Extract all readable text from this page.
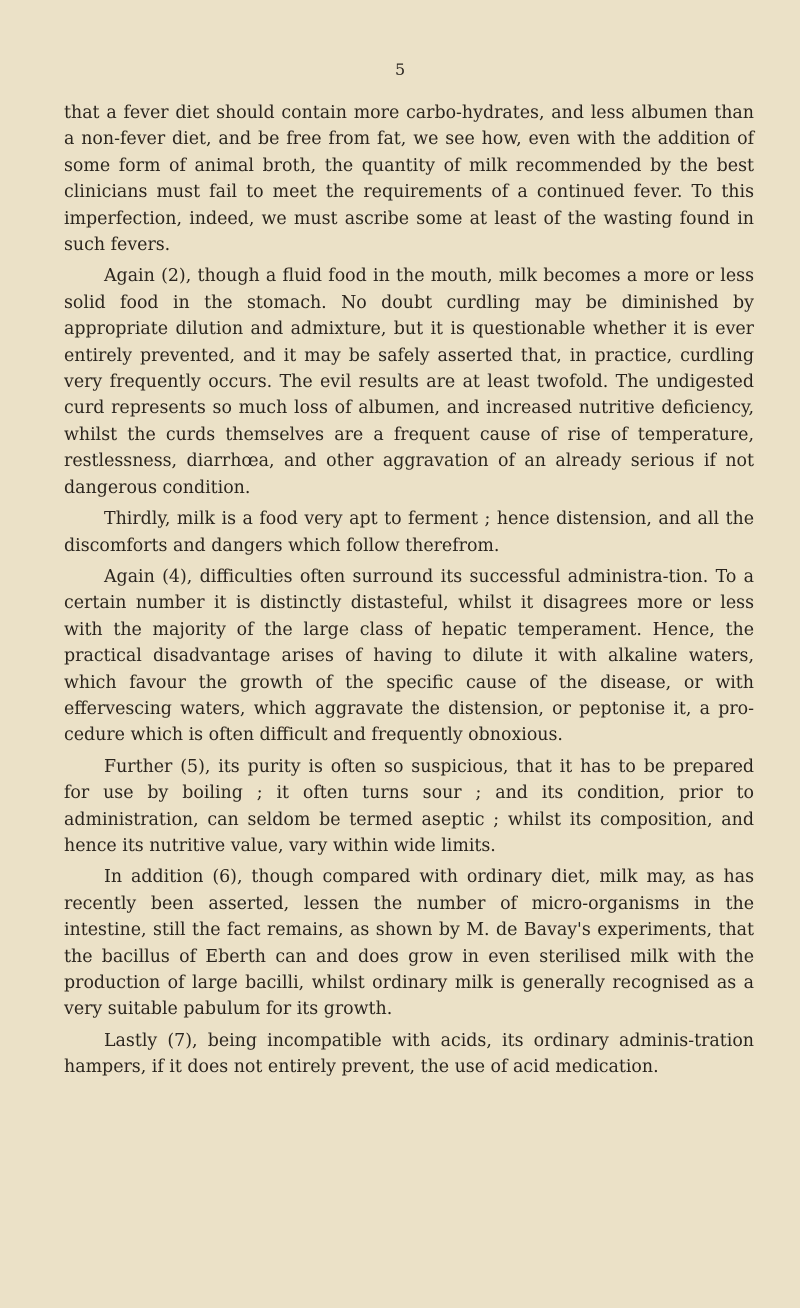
5

that a fever diet should contain more carbo-hydrates, and less albumen than a non-fever diet, and be free from fat, we see how, even with the addition of some form of animal broth, the quantity of milk recommended by the best clinicians must fail to meet the requirements of a continued fever. To this imperfection, indeed, we must ascribe some at least of the wasting found in such fevers.

Again (2), though a fluid food in the mouth, milk becomes a more or less solid food in the stomach. No doubt curdling may be diminished by appropriate dilution and admixture, but it is questionable whether it is ever entirely prevented, and it may be safely asserted that, in practice, curdling very frequently occurs. The evil results are at least twofold. The undigested curd represents so much loss of albumen, and increased nutritive deficiency, whilst the curds themselves are a frequent cause of rise of temperature, restlessness, diarrhœa, and other aggravation of an already serious if not dangerous condition.

Thirdly, milk is a food very apt to ferment ; hence distension, and all the discomforts and dangers which follow therefrom.

Again (4), difficulties often surround its successful administra-tion. To a certain number it is distinctly distasteful, whilst it disagrees more or less with the majority of the large class of hepatic temperament. Hence, the practical disadvantage arises of having to dilute it with alkaline waters, which favour the growth of the specific cause of the disease, or with effervescing waters, which aggravate the distension, or peptonise it, a pro-cedure which is often difficult and frequently obnoxious.

Further (5), its purity is often so suspicious, that it has to be prepared for use by boiling ; it often turns sour ; and its condition, prior to administration, can seldom be termed aseptic ; whilst its composition, and hence its nutritive value, vary within wide limits.

In addition (6), though compared with ordinary diet, milk may, as has recently been asserted, lessen the number of micro-organisms in the intestine, still the fact remains, as shown by M. de Bavay's experiments, that the bacillus of Eberth can and does grow in even sterilised milk with the production of large bacilli, whilst ordinary milk is generally recognised as a very suitable pabulum for its growth.

Lastly (7), being incompatible with acids, its ordinary adminis-tration hampers, if it does not entirely prevent, the use of acid medication.
